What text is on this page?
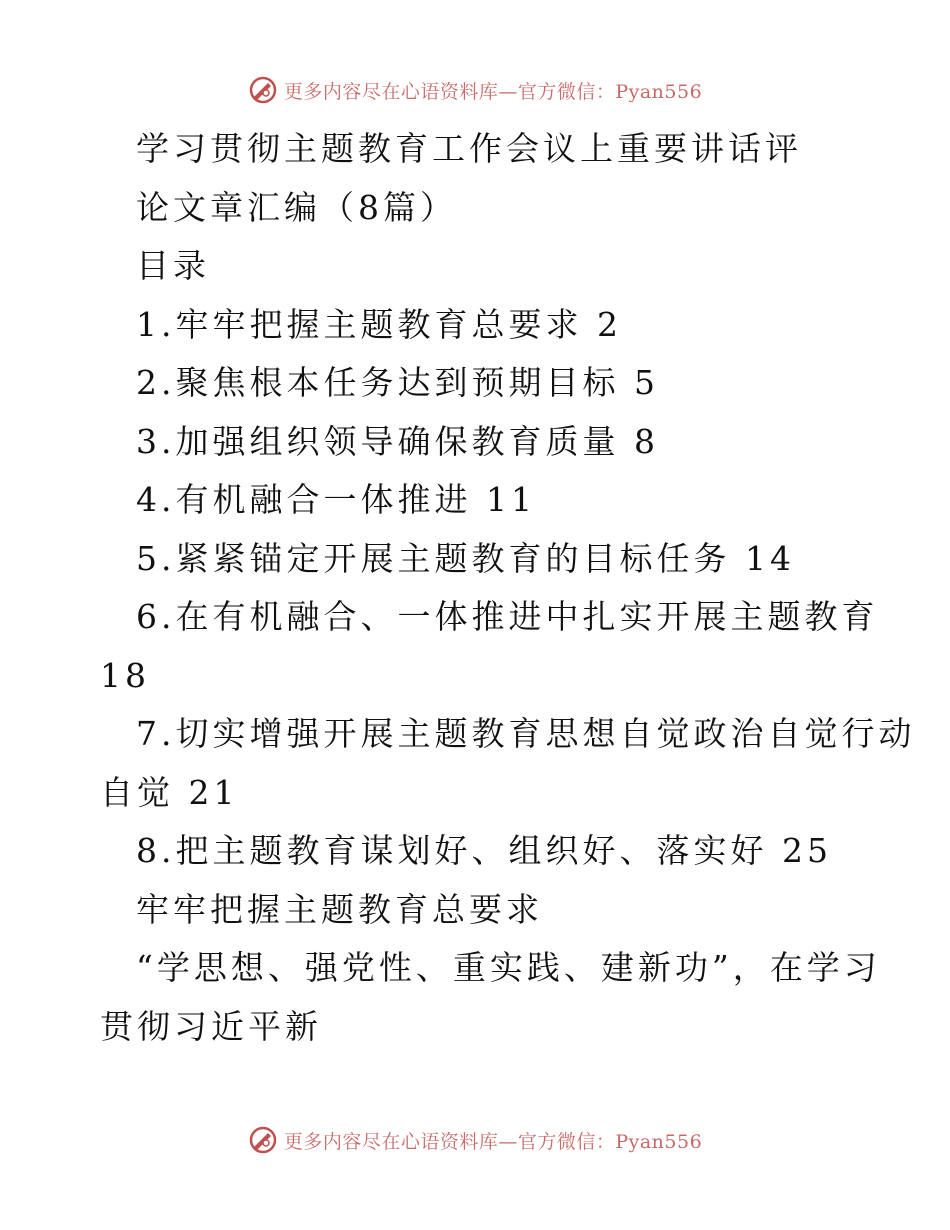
更多内容尽在心语资料库—官方微信：Pyan556
学习贯彻主题教育工作会议上重要讲话评
论文章汇编（8篇）
目录
1.牢牢把握主题教育总要求 2
2.聚焦根本任务达到预期目标 5
3.加强组织领导确保教育质量 8
4.有机融合一体推进 11
5.紧紧锚定开展主题教育的目标任务 14
6.在有机融合、一体推进中扎实开展主题教育
18
7.切实增强开展主题教育思想自觉政治自觉行动
自觉 21
8.把主题教育谋划好、组织好、落实好 25
牢牢把握主题教育总要求
“学思想、强党性、重实践、建新功”，在学习
贯彻习近平新
更多内容尽在心语资料库—官方微信：Pyan556
